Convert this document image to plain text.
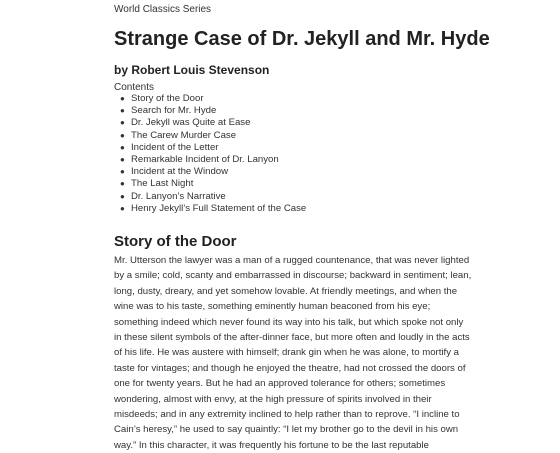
World Classics Series
Strange Case of Dr. Jekyll and Mr. Hyde
by Robert Louis Stevenson
Contents
● Story of the Door
● Search for Mr. Hyde
● Dr. Jekyll was Quite at Ease
● The Carew Murder Case
● Incident of the Letter
● Remarkable Incident of Dr. Lanyon
● Incident at the Window
● The Last Night
● Dr. Lanyon’s Narrative
● Henry Jekyll’s Full Statement of the Case
Story of the Door
Mr. Utterson the lawyer was a man of a rugged countenance, that was never lighted
by a smile; cold, scanty and embarrassed in discourse; backward in sentiment; lean,
long, dusty, dreary, and yet somehow lovable. At friendly meetings, and when the
wine was to his taste, something eminently human beaconed from his eye;
something indeed which never found its way into his talk, but which spoke not only
in these silent symbols of the after-dinner face, but more often and loudly in the acts
of his life. He was austere with himself; drank gin when he was alone, to mortify a
taste for vintages; and though he enjoyed the theatre, had not crossed the doors of
one for twenty years. But he had an approved tolerance for others; sometimes
wondering, almost with envy, at the high pressure of spirits involved in their
misdeeds; and in any extremity inclined to help rather than to reprove. “I incline to
Cain’s heresy,” he used to say quaintly: “I let my brother go to the devil in his own
way.” In this character, it was frequently his fortune to be the last reputable
